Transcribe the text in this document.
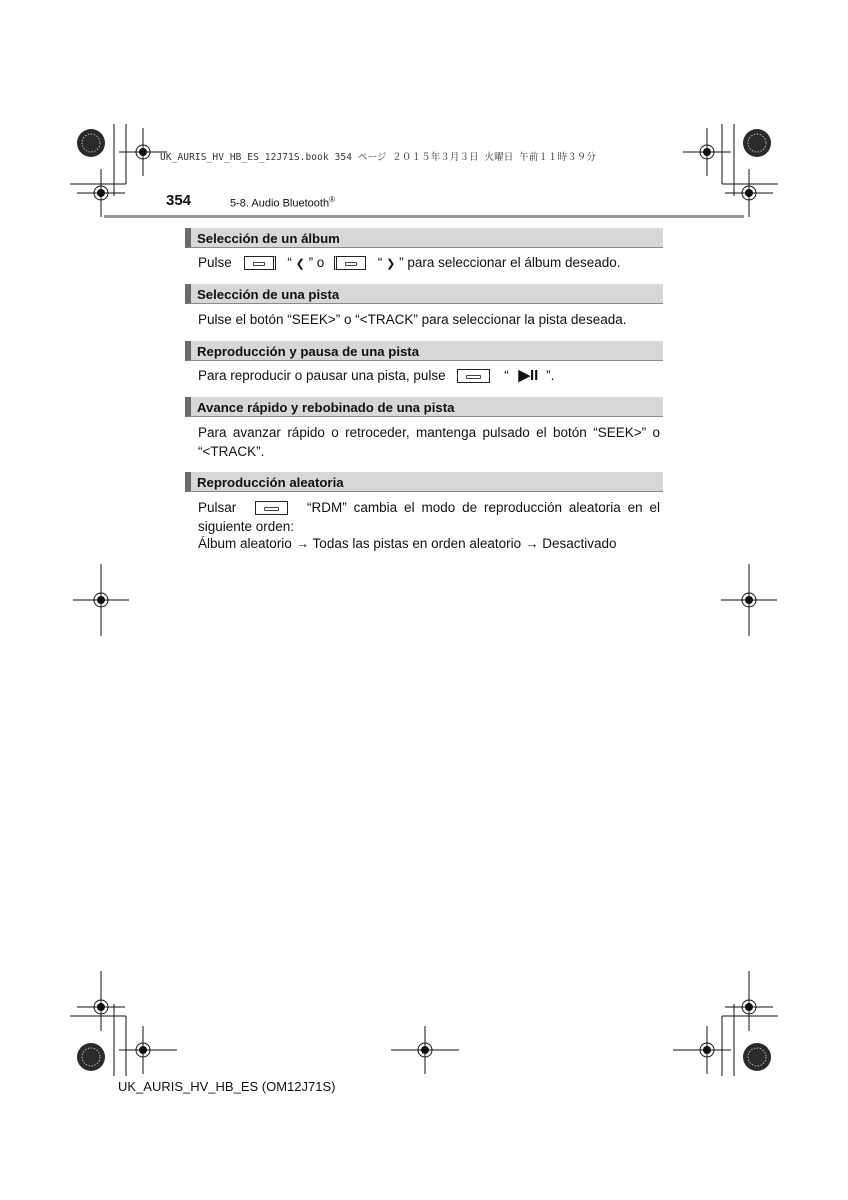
UK_AURIS_HV_HB_ES_12J71S.book 354 ページ ２０１５年３月３日 火曜日 午前１１時３９分
354	5-8. Audio Bluetooth®
Selección de un álbum
Pulse	“ ❮ ” o	“ ❯ ” para seleccionar el álbum deseado.
Selección de una pista
Pulse el botón “SEEK>” o “<TRACK” para seleccionar la pista deseada.
Reproducción y pausa de una pista
Para reproducir o pausar una pista, pulse	“ ▶II ”.
Avance rápido y rebobinado de una pista
Para avanzar rápido o retroceder, mantenga pulsado el botón “SEEK>” o “<TRACK”.
Reproducción aleatoria
Pulsar	“RDM” cambia el modo de reproducción aleatoria en el siguiente orden:
Álbum aleatorio → Todas las pistas en orden aleatorio → Desactivado
UK_AURIS_HV_HB_ES (OM12J71S)
